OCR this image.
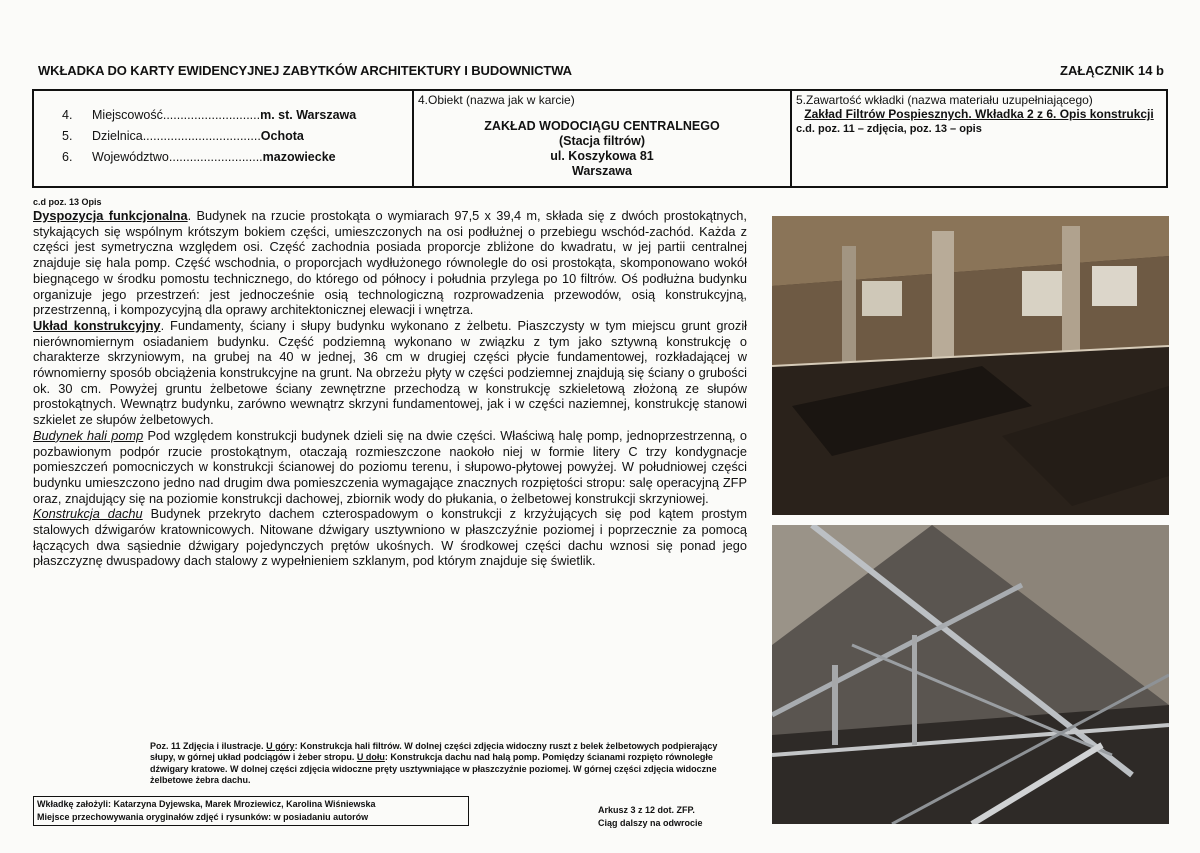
WKŁADKA DO KARTY EWIDENCYJNEJ ZABYTKÓW ARCHITEKTURY I BUDOWNICTWA	ZAŁĄCZNIK 14 b
4.	Miejscowość............................ m. st. Warszawa
5.	Dzielnica.................................. Ochota
6.	Województwo........................... mazowiecke
4.Obiekt (nazwa jak w karcie)
ZAKŁAD WODOCIĄGU CENTRALNEGO
(Stacja filtrów)
ul. Koszykowa 81
Warszawa
5.Zawartość wkładki (nazwa materiału uzupełniającego)
Zakład Filtrów Pospiesznych. Wkładka 2 z 6. Opis konstrukcji
c.d. poz. 11 – zdjęcia, poz. 13 – opis
c.d poz. 13 Opis

Dyspozycja funkcjonalna. Budynek na rzucie prostokąta o wymiarach 97,5 x 39,4 m, składa się z dwóch prostokątnych, stykających się wspólnym krótszym bokiem części, umieszczonych na osi podłużnej o przebiegu wschód-zachód. Każda z części jest symetryczna względem osi. Część zachodnia posiada proporcje zbliżone do kwadratu, w jej partii centralnej znajduje się hala pomp. Część wschodnia, o proporcjach wydłużonego równolegle do osi prostokąta, skomponowano wokół biegnącego w środku pomostu technicznego, do którego od północy i południa przylega po 10 filtrów. Oś podłużna budynku organizuje jego przestrzeń: jest jednocześnie osią technologiczną rozprowadzenia przewodów, osią konstrukcyjną, przestrzenną, i kompozycyjną dla oprawy architektonicznej elewacji i wnętrza.

Układ konstrukcyjny. Fundamenty, ściany i słupy budynku wykonano z żelbetu. Piaszczysty w tym miejscu grunt groził nierównomiernym osiadaniem budynku. Część podziemną wykonano w związku z tym jako sztywną konstrukcję o charakterze skrzyniowym, na grubej na 40 w jednej, 36 cm w drugiej części płycie fundamentowej, rozkładającej w równomierny sposób obciążenia konstrukcyjne na grunt. Na obrzeżu płyty w części podziemnej znajdują się ściany o grubości ok. 30 cm. Powyżej gruntu żelbetowe ściany zewnętrzne przechodzą w konstrukcję szkieletową złożoną ze słupów prostokątnych. Wewnątrz budynku, zarówno wewnątrz skrzyni fundamentowej, jak i w części naziemnej, konstrukcję stanowi szkielet ze słupów żelbetowych.

Budynek hali pomp Pod względem konstrukcji budynek dzieli się na dwie części. Właściwą halę pomp, jednoprzestrzenną, o pozbawionym podpór rzucie prostokątnym, otaczają rozmieszczone naokoło niej w formie litery C trzy kondygnacje pomieszczeń pomocniczych w konstrukcji ścianowej do poziomu terenu, i słupowo-płytowej powyżej. W południowej części budynku umieszczono jedno nad drugim dwa pomieszczenia wymagające znacznych rozpiętości stropu: salę operacyjną ZFP oraz, znajdujący się na poziomie konstrukcji dachowej, zbiornik wody do płukania, o żelbetowej konstrukcji skrzyniowej.

Konstrukcja dachu Budynek przekryto dachem czterospadowym o konstrukcji z krzyżujących się pod kątem prostym stalowych dźwigarów kratownicowych. Nitowane dźwigary usztywniono w płaszczyźnie poziomej i poprzecznie za pomocą łączących dwa sąsiednie dźwigary pojedynczych prętów ukośnych. W środkowej części dachu wznosi się ponad jego płaszczyznę dwuspadowy dach stalowy z wypełnieniem szklanym, pod którym znajduje się świetlik.

Poz. 11 Zdjęcia i ilustracje. U góry: Konstrukcja hali filtrów. W dolnej części zdjęcia widoczny ruszt z belek żelbetowych podpierający słupy, w górnej układ podciągów i żeber stropu. U dołu: Konstrukcja dachu nad halą pomp. Pomiędzy ścianami rozpięto równoległe dźwigary kratowe. W dolnej części zdjęcia widoczne pręty usztywniające w płaszczyźnie poziomej. W górnej części zdjęcia widoczne żelbetowe żebra dachu.
Wkładkę założyli: Katarzyna Dyjewska, Marek Mroziewicz, Karolina Wiśniewska
Miejsce przechowywania oryginałów zdjęć i rysunków: w posiadaniu autorów
Arkusz 3 z 12 dot. ZFP.
Ciąg dalszy na odwrocie
